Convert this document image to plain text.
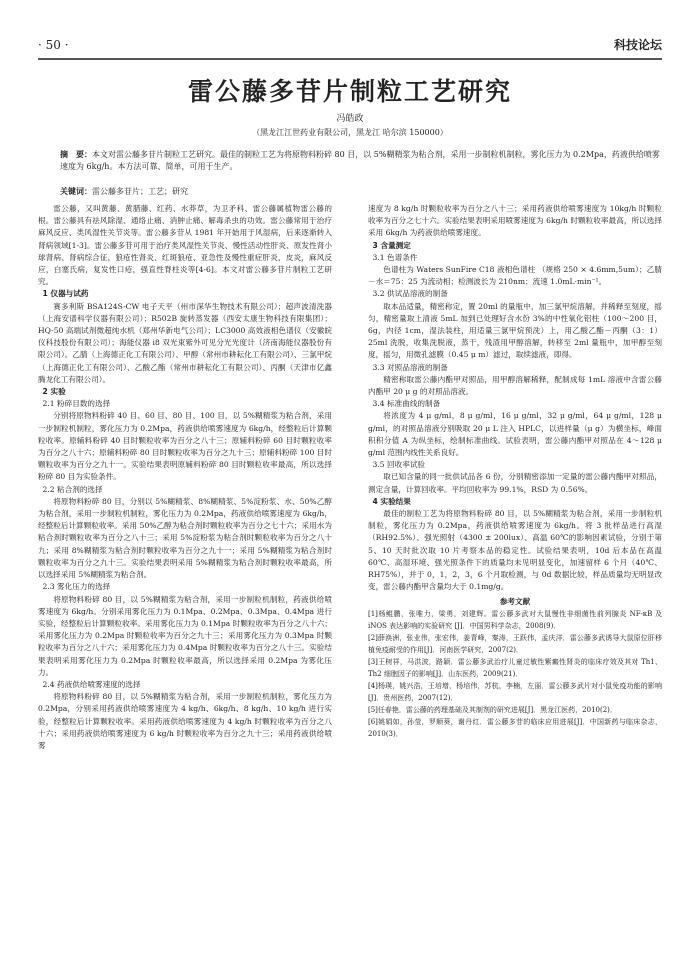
· 50 ·	科技论坛
雷公藤多苷片制粒工艺研究
冯皓政
（黑龙江江世药业有限公司，黑龙江 哈尔滨 150000）
摘　要：本文对雷公藤多苷片制粒工艺研究。最佳的制粒工艺为将原物料粉碎 80 目，以 5%糊精浆为粘合剂，采用一步制粒机制粒，雾化压力为 0.2Mpa，药液供给喷雾速度为 6kg/h。本方法可靠、简单，可用于生产。
关键词：雷公藤多苷片；工艺；研究

雷公藤，又叫黄藤、黄腊藤、红药、水莽草，为卫矛科、雷公藤属植物雷公藤的根。雷公藤具有祛风除湿、通络止痛、消肿止痛、解毒杀虫的功效。雷公藤常用于治疗麻风反应、类风湿性关节炎等。雷公藤多苷从 1981 年开始用于风湿病，后来逐渐转入肾病领域[1-3]。雷公藤多苷可用于治疗类风湿性关节炎、慢性活动性肝炎、原发性肾小球肾病、肾病综合征，狼疮性肾炎、红斑狼疮、亚急性及慢性重症肝炎，皮炎，麻风反应，白塞氏病，复发性口疮，强直性脊柱炎等[4-6]。本文对雷公藤多苷片制粒工艺研究。

1 仪器与试药

赛多利斯 BSA124S-CW 电子天平（州市深华生物技术有限公司）；超声波清洗器（上海安谱科学仪器有限公司）；R502B 旋转蒸发器（西安太康生物科技有限集团）；HQ-50 高端试剂微超纯水机（郑州华新电气公司）；LC3000 高效液相色谱仪（安徽皖仪科技股份有限公司）；海能仪器 i8 双光束紫外可见分光光度计（济南海能仪器股份有限公司）。乙腈（上海德正化工有限公司）、甲醇（常州市耕耘化工有限公司）、三氯甲烷（上海德正化工有限公司）、乙酸乙酯（常州市耕耘化工有限公司）、丙酮（天津市亿鑫腾龙化工有限公司）。

2 实验
2.1 粉碎目数的选择

分别将原物料粉碎 40 目、60 目、80 目、100 目，以 5%糊精浆为粘合剂，采用一步制粒机制粒，雾化压力为 0.2Mpa，药液供给喷雾速度为 6kg/h，经整粒后计算颗粒收率。原辅料粉碎 40 目时颗粒收率为百分之八十三；原辅料粉碎 60 目时颗粒收率为百分之八十六；原辅料粉碎 80 目时颗粒收率为百分之九十三；原辅料粉碎 100 目时颗粒收率为百分之九十一。实验结果表明原辅料粉碎 80 目时颗粒收率最高，所以选择粉碎 80 目为实验条件。

2.2 粘合剂的选择

将原物料粉碎 80 目，分别以 5%糊精浆、8%糊精浆、5%淀粉浆、水、50%乙醇为粘合剂，采用一步制粒机制粒，雾化压力为 0.2Mpa，药液供给喷雾速度为 6kg/h，经整粒后计算颗粒收率。采用 50%乙醇为粘合剂时颗粒收率为百分之七十六；采用水为粘合剂时颗粒收率为百分之八十三；采用 5%淀粉浆为粘合剂时颗粒收率为百分之八十九；采用 8%糊精浆为粘合剂时颗粒收率为百分之九十一；采用 5%糊精浆为粘合剂时颗粒收率为百分之九十三。实验结果表明采用 5%糊精浆为粘合剂时颗粒收率最高，所以选择采用 5%糊精浆为粘合剂。

2.3 雾化压力的选择

将原物料粉碎 80 目，以 5%糊精浆为粘合剂，采用一步制粒机制粒，药液供给喷雾速度为 6kg/h。分别采用雾化压力为 0.1Mpa、0.2Mpa、0.3Mpa、0.4Mpa 进行实验，经整粒后计算颗粒收率。采用雾化压力为 0.1Mpa 时颗粒收率为百分之八十六；采用雾化压力为 0.2Mpa 时颗粒收率为百分之九十三；采用雾化压力为 0.3Mpa 时颗粒收率为百分之八十六；采用雾化压力为 0.4Mpa 时颗粒收率为百分之八十三。实验结果表明采用雾化压力为 0.2Mpa 时颗粒收率最高，所以选择采用 0.2Mpa 为雾化压力。

2.4 药液供给喷雾速度的选择

将原物料粉碎 80 目，以 5%糊精浆为粘合剂，采用一步制粒机制粒，雾化压力为 0.2Mpa，分别采用药液供给喷雾速度为 4 kg/h、6kg/h、8 kg/h、10 kg/h 进行实验，经整粒后计算颗粒收率。采用药液供给喷雾速度为 4 kg/h 时颗粒收率为百分之八十六；采用药液供给喷雾速度为 6 kg/h 时颗粒收率为百分之九十三；采用药液供给喷雾

速度为 8 kg/h 时颗粒收率为百分之八十三；采用药液供给喷雾速度为 10kg/h 时颗粒收率为百分之七十六。实验结果表明采用喷雾速度为 6kg/h 时颗粒收率最高，所以选择采用 6kg/h 为药液供给喷雾速度。

3 含量测定
3.1 色谱条件

色谱柱为 Waters SunFire C18 液相色谱柱 （规格 250 × 4.6mm,5um）；乙腈－水＝75：25 为流动相；检测波长为 210nm；流速 1.0mL·min⁻¹。

3.2 供试品溶液的制备

取本品适量，精密称定，置 20ml 的量瓶中，加三氯甲烷溶解，并稀释至刻度，摇匀，精密量取上清液 5mL 加到已处理好含水份 3%的中性氧化铝柱（100～200 目，6g，内径 1cm，湿法装柱，用适量三氯甲烷预洗）上，用乙酸乙酯－丙酮（3：1）25ml 洗脱，收集洗脱液，蒸干，残渣用甲醇溶解，转移至 2ml 量瓶中，加甲醇至刻度，摇匀，用微孔滤膜（0.45 μ m）滤过，取续滤液，即得。

3.3 对照品溶液的制备

精密称取雷公藤内酯甲对照品，用甲醇溶解稀释，配制成每 1mL 溶液中含雷公藤内酯甲 20 μ g 的对照品溶液。

3.4 标准曲线的制备

将浓度为 4 μ g/ml，8 μ g/ml，16 μ g/ml，32 μ g/ml，64 μ g/ml，128 μ g/ml，的对照品溶液分别吸取 20 μ L 注入 HPLC，以进样量（μ g）为横坐标，峰面积积分值 A 为纵坐标，绘制标准曲线。试验表明，雷公藤内酯甲对照品在 4～128 μ g/ml 范围内线性关系良好。

3.5 回收率试验

取已知含量的同一批供试品各 6 份，分别精密添加一定量的雷公藤内酯甲对照品，测定含量，计算回收率。平均回收率为 99.1%，RSD 为 0.56%。

4 实验结果

最佳的制粒工艺为将原物料粉碎 80 目，以 5%糊精浆为粘合剂，采用一步制粒机制粒，雾化压力为 0.2Mpa，药液供给喷雾速度为 6kg/h。将 3 批样品进行高湿（RH92.5%）、强光照射（4300 ± 200lux）、高温 60℃的影响因素试验，分别于第 5、10 天时批次取 10 片考察本品的稳定性。试验结果表明，10d 后本品在高温 60℃、高湿环境、强光照条件下的质量均未见明显变化，加速留样 6 个月（40℃、RH75%），并于 0，1，2，3，6 个月取检测，与 0d 数据比较，样品质量均无明显改变，雷公藤内酯甲含量均大于 0.1mg/g。

参考文献
[1]杨鲲鹏，张唯力，梁勇，刘建辉。雷公藤多武对大鼠慢性非细菌性前列腺炎 NF-κB 及 iNOS 表达影响的实验研究 [J]．中国男科学杂志，2008(9)．
[2]薛涣洲，张业伟，张宏伟，姜青峰，秦涛，王跃伟，孟庆洋．雷公藤多武诱导大鼠原位肝移植免疫耐受的作用[J]．河南医学研究，2007(2)．
[3]王树祥，马洪波，路颖．雷公藤多武治疗儿童过敏性紫癜性肾炎的临床疗效及其对 Th1、Th2 细胞因子的影响[J]．山东医药，2009(21)．
[4]杨瑛，姚兴浩，王培增，杨培伟，苏杭，李楠，左丽．雷公藤多武片对小鼠免疫功能的影响[J]．贵州医药，2007(12)．
[5]任春艳．雷公藤的药理基础及其制剂的研究进展[J]．黑龙江医药，2010(2)．
[6]姚娟如，孙莹，罗顺葵，谢丹红．雷公藤多苷的临床应用进展[J]．中国新药与临床杂志，2010(3)．
